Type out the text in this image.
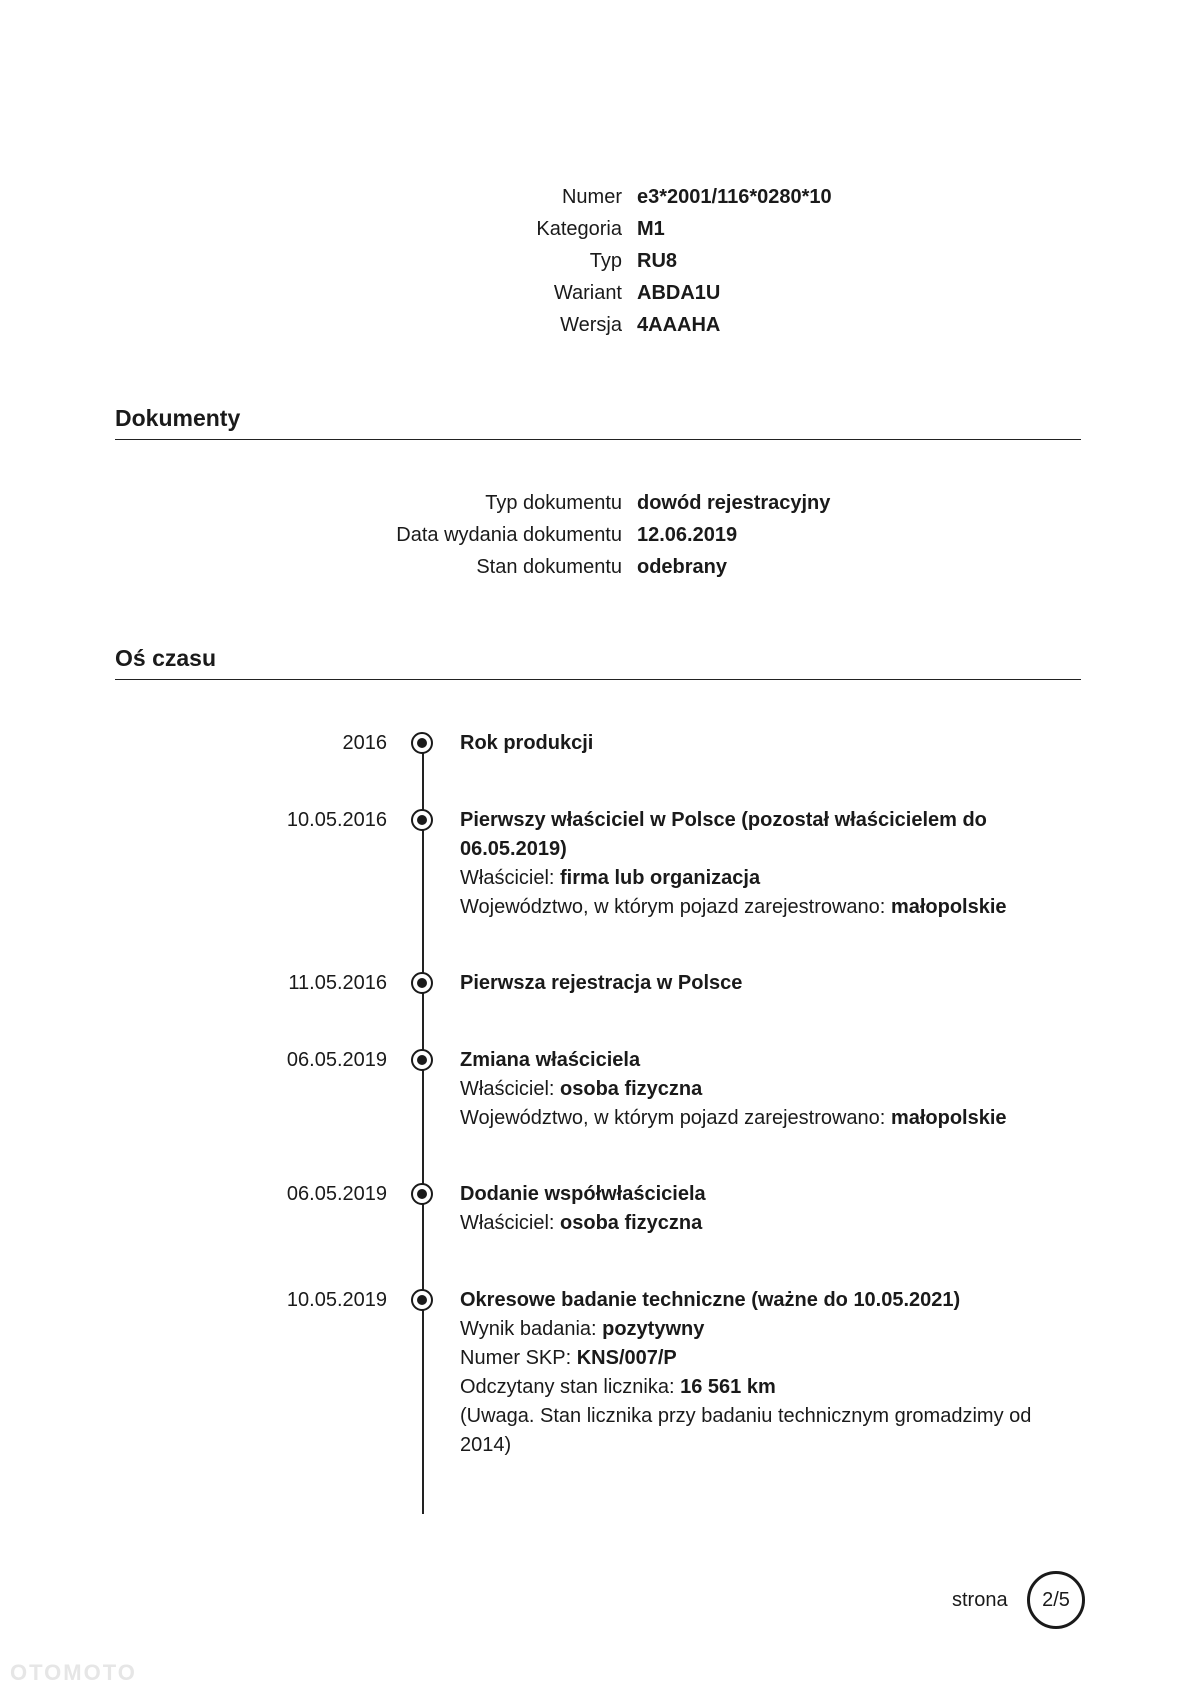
Numer e3*2001/116*0280*10
Kategoria M1
Typ RU8
Wariant ABDA1U
Wersja 4AAAHA
Dokumenty
Typ dokumentu dowód rejestracyjny
Data wydania dokumentu 12.06.2019
Stan dokumentu odebrany
Oś czasu
2016	Rok produkcji
10.05.2016	Pierwszy właściciel w Polsce (pozostał właścicielem do 06.05.2019)
Właściciel: firma lub organizacja
Województwo, w którym pojazd zarejestrowano: małopolskie
11.05.2016	Pierwsza rejestracja w Polsce
06.05.2019	Zmiana właściciela
Właściciel: osoba fizyczna
Województwo, w którym pojazd zarejestrowano: małopolskie
06.05.2019	Dodanie współwłaściciela
Właściciel: osoba fizyczna
10.05.2019	Okresowe badanie techniczne (ważne do 10.05.2021)
Wynik badania: pozytywny
Numer SKP: KNS/007/P
Odczytany stan licznika: 16 561 km
(Uwaga. Stan licznika przy badaniu technicznym gromadzimy od 2014)
strona	2/5
OTOMOTO
